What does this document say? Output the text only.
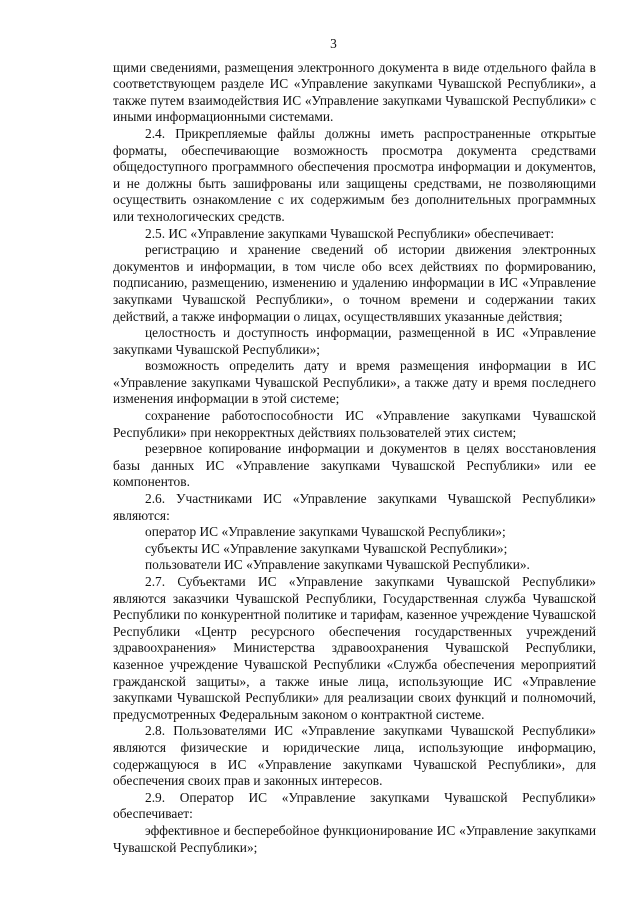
3

щими сведениями, размещения электронного документа в виде отдельного файла в соответствующем разделе ИС «Управление закупками Чувашской Республики», а также путем взаимодействия ИС «Управление закупками Чувашской Республики» с иными информационными системами.

2.4. Прикрепляемые файлы должны иметь распространенные открытые форматы, обеспечивающие возможность просмотра документа средствами общедоступного программного обеспечения просмотра информации и документов, и не должны быть зашифрованы или защищены средствами, не позволяющими осуществить ознакомление с их содержимым без дополнительных программных или технологических средств.

2.5. ИС «Управление закупками Чувашской Республики» обеспечивает:

регистрацию и хранение сведений об истории движения электронных документов и информации, в том числе обо всех действиях по формированию, подписанию, размещению, изменению и удалению информации в ИС «Управление закупками Чувашской Республики», о точном времени и содержании таких действий, а также информации о лицах, осуществлявших указанные действия;

целостность и доступность информации, размещенной в ИС «Управление закупками Чувашской Республики»;

возможность определить дату и время размещения информации в ИС «Управление закупками Чувашской Республики», а также дату и время последнего изменения информации в этой системе;

сохранение работоспособности ИС «Управление закупками Чувашской Республики» при некорректных действиях пользователей этих систем;

резервное копирование информации и документов в целях восстановления базы данных ИС «Управление закупками Чувашской Республики» или ее компонентов.

2.6. Участниками ИС «Управление закупками Чувашской Республики» являются:

оператор ИС «Управление закупками Чувашской Республики»;

субъекты ИС «Управление закупками Чувашской Республики»;

пользователи ИС «Управление закупками Чувашской Республики».

2.7. Субъектами ИС «Управление закупками Чувашской Республики» являются заказчики Чувашской Республики, Государственная служба Чувашской Республики по конкурентной политике и тарифам, казенное учреждение Чувашской Республики «Центр ресурсного обеспечения государственных учреждений здравоохранения» Министерства здравоохранения Чувашской Республики, казенное учреждение Чувашской Республики «Служба обеспечения мероприятий гражданской защиты», а также иные лица, использующие ИС «Управление закупками Чувашской Республики» для реализации своих функций и полномочий, предусмотренных Федеральным законом о контрактной системе.

2.8. Пользователями ИС «Управление закупками Чувашской Республики» являются физические и юридические лица, использующие информацию, содержащуюся в ИС «Управление закупками Чувашской Республики», для обеспечения своих прав и законных интересов.

2.9. Оператор ИС «Управление закупками Чувашской Республики» обеспечивает:

эффективное и бесперебойное функционирование ИС «Управление закупками Чувашской Республики»;
